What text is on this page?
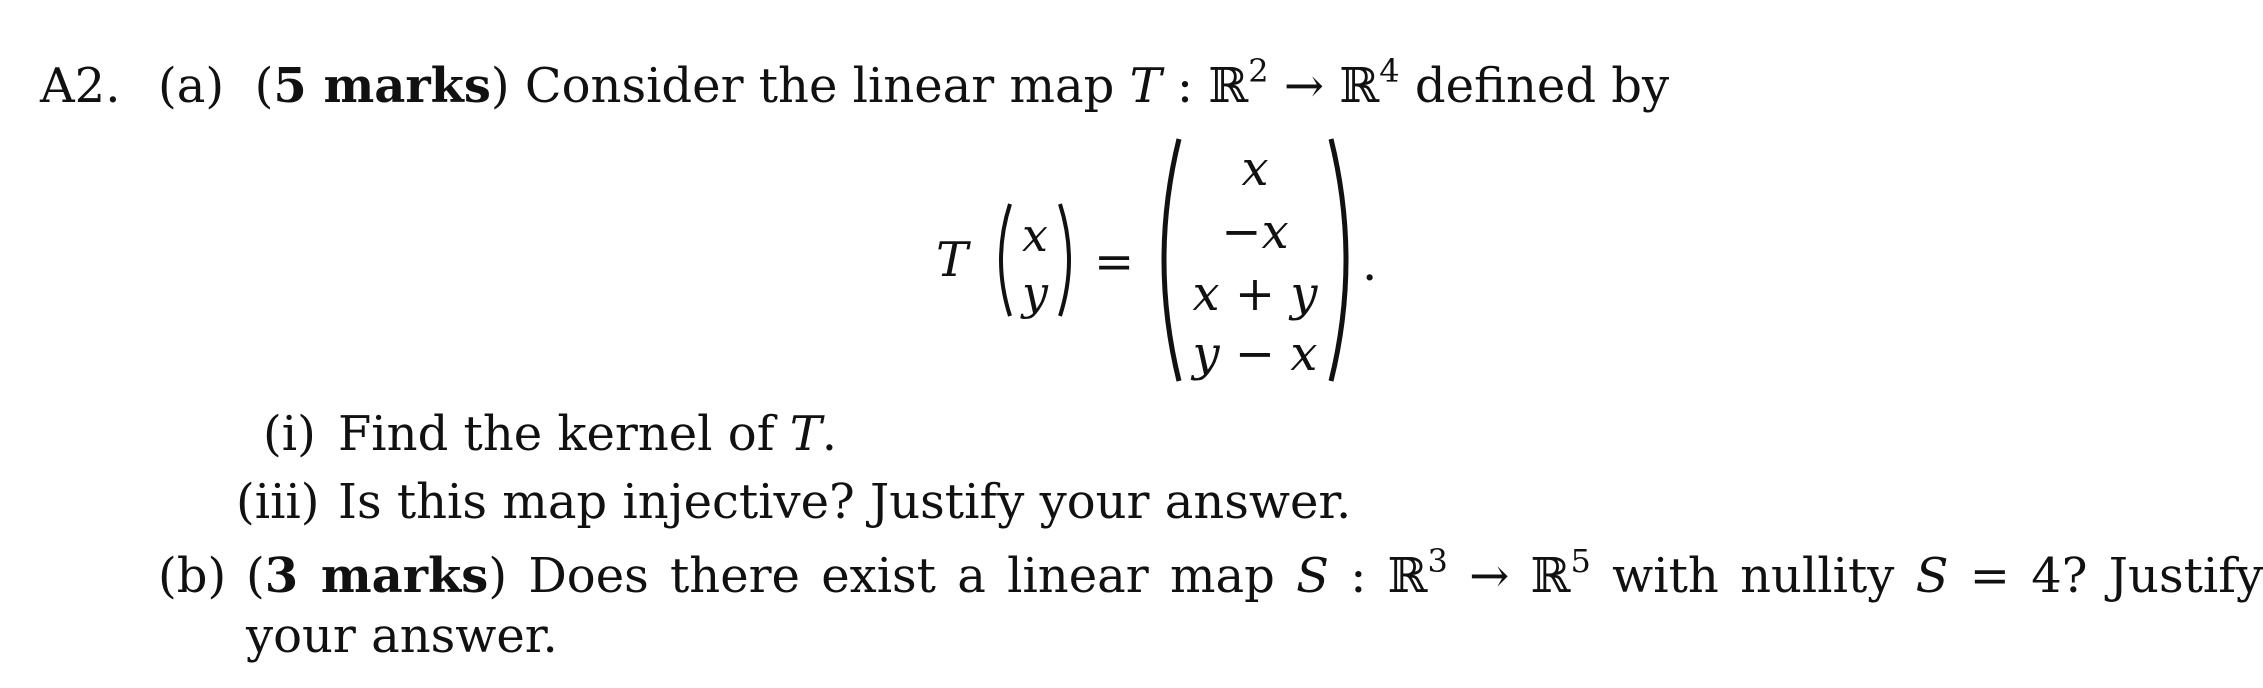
A2. (a) (5 marks) Consider the linear map T : ℝ$^2$ → ℝ$^4$ defined by
T x
y
=
x
−x
x + y
y − x
.
(i) Find the kernel of T.
(iii) Is this map injective? Justify your answer.
(b) (3 marks) Does there exist a linear map S : ℝ$^3$ → ℝ$^5$ with nullity S = 4? Justify
your answer.
